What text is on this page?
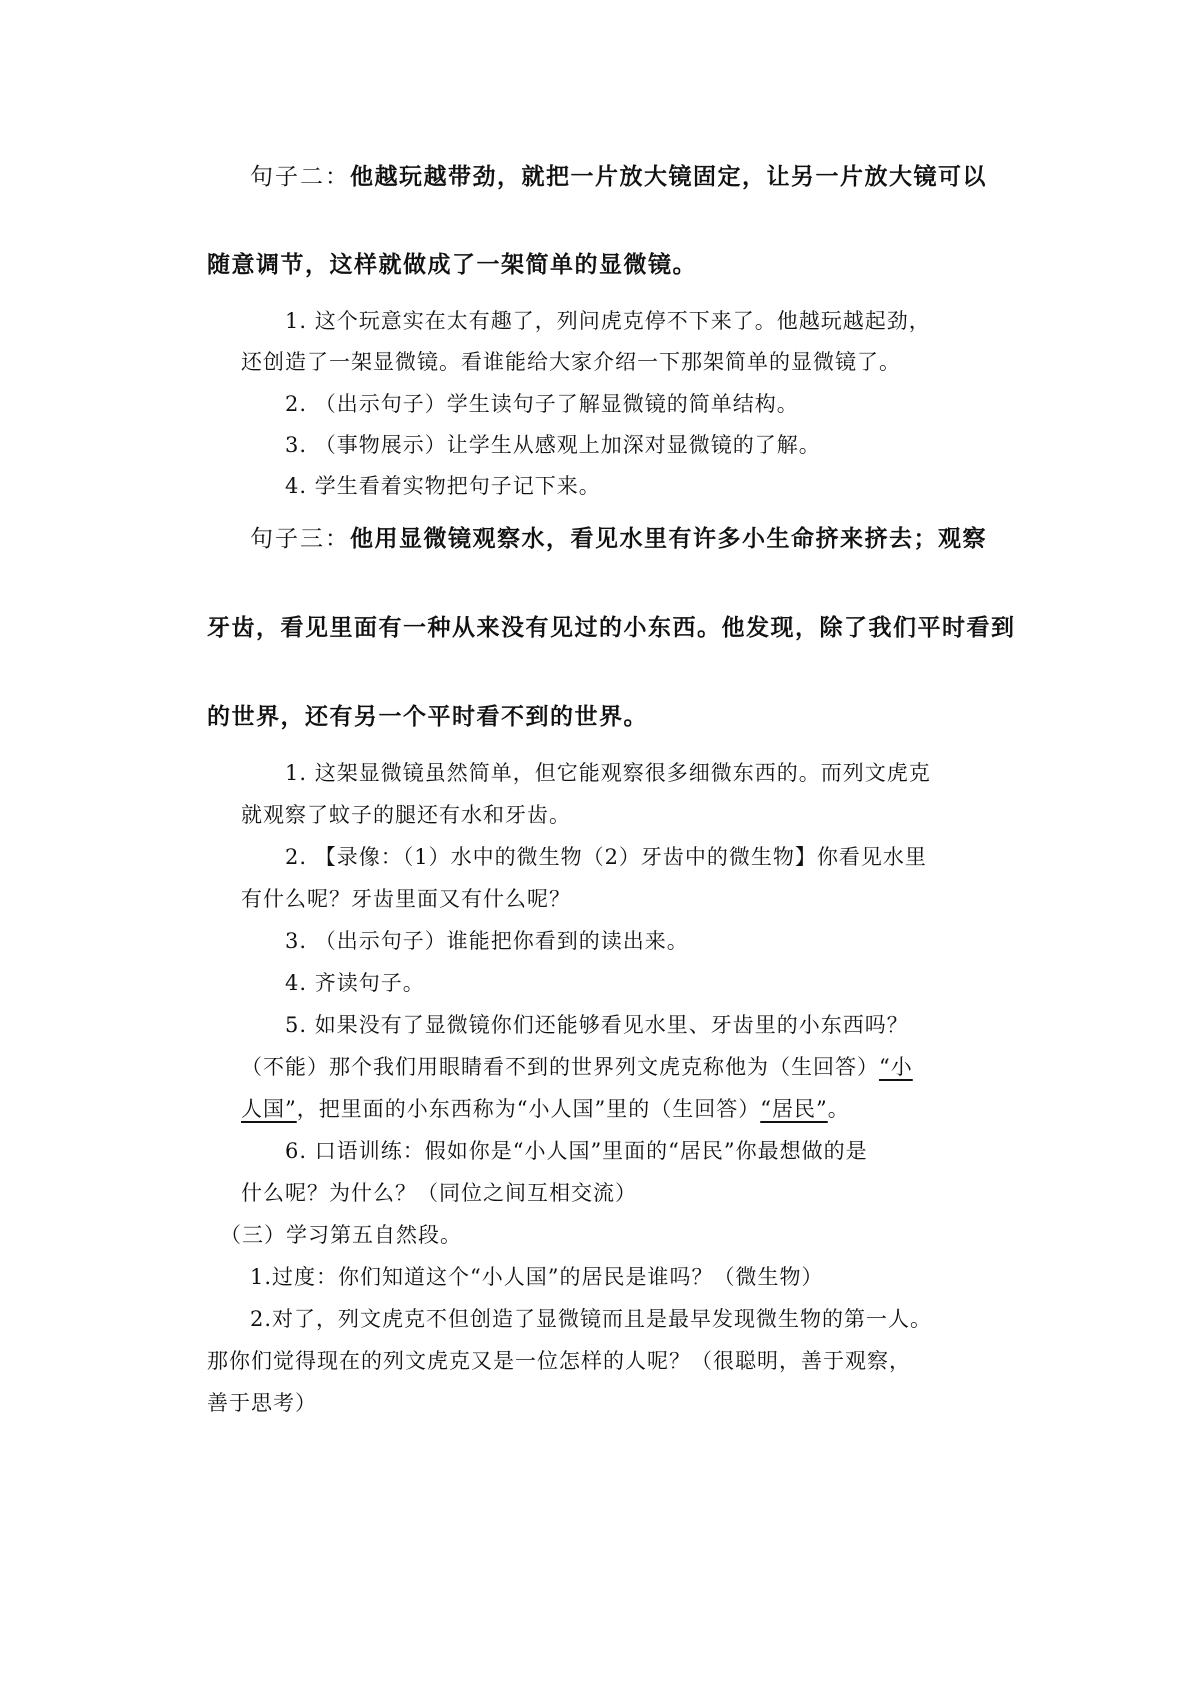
句子二：他越玩越带劲，就把一片放大镜固定，让另一片放大镜可以
随意调节，这样就做成了一架简单的显微镜。
1. 这个玩意实在太有趣了，列问虎克停不下来了。他越玩越起劲，
还创造了一架显微镜。看谁能给大家介绍一下那架简单的显微镜了。
2. （出示句子）学生读句子了解显微镜的简单结构。
3. （事物展示）让学生从感观上加深对显微镜的了解。
4. 学生看着实物把句子记下来。
句子三：他用显微镜观察水，看见水里有许多小生命挤来挤去；观察
牙齿，看见里面有一种从来没有见过的小东西。他发现，除了我们平时看到
的世界，还有另一个平时看不到的世界。
1. 这架显微镜虽然简单，但它能观察很多细微东西的。而列文虎克
就观察了蚊子的腿还有水和牙齿。
2. 【录像：（1）水中的微生物（2）牙齿中的微生物】你看见水里
有什么呢？牙齿里面又有什么呢？
3. （出示句子）谁能把你看到的读出来。
4. 齐读句子。
5. 如果没有了显微镜你们还能够看见水里、牙齿里的小东西吗？
（不能）那个我们用眼睛看不到的世界列文虎克称他为（生回答）“小
人国”，把里面的小东西称为“小人国”里的（生回答）“居民”。
6. 口语训练：假如你是“小人国”里面的“居民”你最想做的是
什么呢？为什么？（同位之间互相交流）
（三）学习第五自然段。
1.过度：你们知道这个“小人国”的居民是谁吗？（微生物）
2.对了，列文虎克不但创造了显微镜而且是最早发现微生物的第一人。
那你们觉得现在的列文虎克又是一位怎样的人呢？（很聪明，善于观察，
善于思考）
